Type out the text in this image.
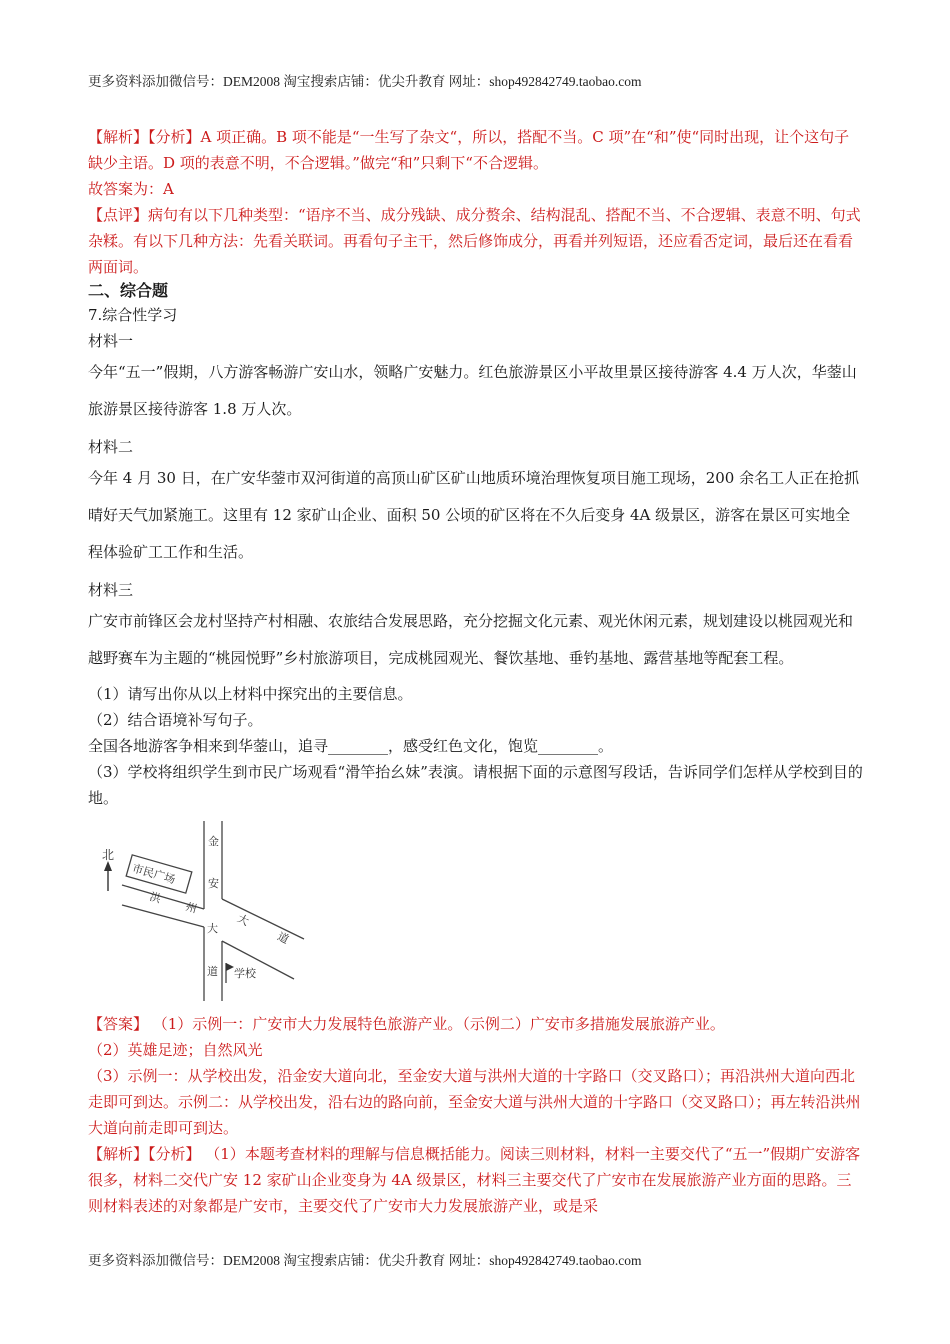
更多资料添加微信号：DEM2008 淘宝搜索店铺：优尖升教育 网址：shop492842749.taobao.com

【解析】【分析】A 项正确。B 项不能是“一生写了杂文“，所以，搭配不当。C 项”在“和”使“同时出现，让个这句子缺少主语。D 项的表意不明，不合逻辑。”做完“和”只剩下“不合逻辑。

故答案为：A

【点评】病句有以下几种类型：“语序不当、成分残缺、成分赘余、结构混乱、搭配不当、不合逻辑、表意不明、句式杂糅。有以下几种方法：先看关联词。再看句子主干，然后修饰成分，再看并列短语，还应看否定词，最后还在看看两面词。

二、综合题

7.综合性学习

材料一

今年“五一”假期，八方游客畅游广安山水，领略广安魅力。红色旅游景区小平故里景区接待游客 4.4 万人次，华蓥山旅游景区接待游客 1.8 万人次。

材料二

今年 4 月 30 日，在广安华蓥市双河街道的高顶山矿区矿山地质环境治理恢复项目施工现场，200 余名工人正在抢抓晴好天气加紧施工。这里有 12 家矿山企业、面积 50 公顷的矿区将在不久后变身 4A 级景区，游客在景区可实地全程体验矿工工作和生活。

材料三

广安市前锋区会龙村坚持产村相融、农旅结合发展思路，充分挖掘文化元素、观光休闲元素，规划建设以桃园观光和越野赛车为主题的“桃园悦野”乡村旅游项目，完成桃园观光、餐饮基地、垂钓基地、露营基地等配套工程。

（1）请写出你从以上材料中探究出的主要信息。

（2）结合语境补写句子。

全国各地游客争相来到华蓥山，追寻________，感受红色文化，饱览________。

（3）学校将组织学生到市民广场观看“滑竿抬幺妹”表演。请根据下面的示意图写段话，告诉同学们怎样从学校到目的地。

北
市民广场
金
安
大
道
洪
州
大
道
学校

【答案】 （1）示例一：广安市大力发展特色旅游产业。（示例二）广安市多措施发展旅游产业。

（2）英雄足迹；自然风光

（3）示例一：从学校出发，沿金安大道向北，至金安大道与洪州大道的十字路口（交叉路口）；再沿洪州大道向西北走即可到达。示例二：从学校出发，沿右边的路向前，至金安大道与洪州大道的十字路口（交叉路口）；再左转沿洪州大道向前走即可到达。

【解析】【分析】 （1）本题考查材料的理解与信息概括能力。阅读三则材料，材料一主要交代了“五一”假期广安游客很多，材料二交代广安 12 家矿山企业变身为 4A 级景区，材料三主要交代了广安市在发展旅游产业方面的思路。三则材料表述的对象都是广安市，主要交代了广安市大力发展旅游产业，或是采

更多资料添加微信号：DEM2008 淘宝搜索店铺：优尖升教育 网址：shop492842749.taobao.com
